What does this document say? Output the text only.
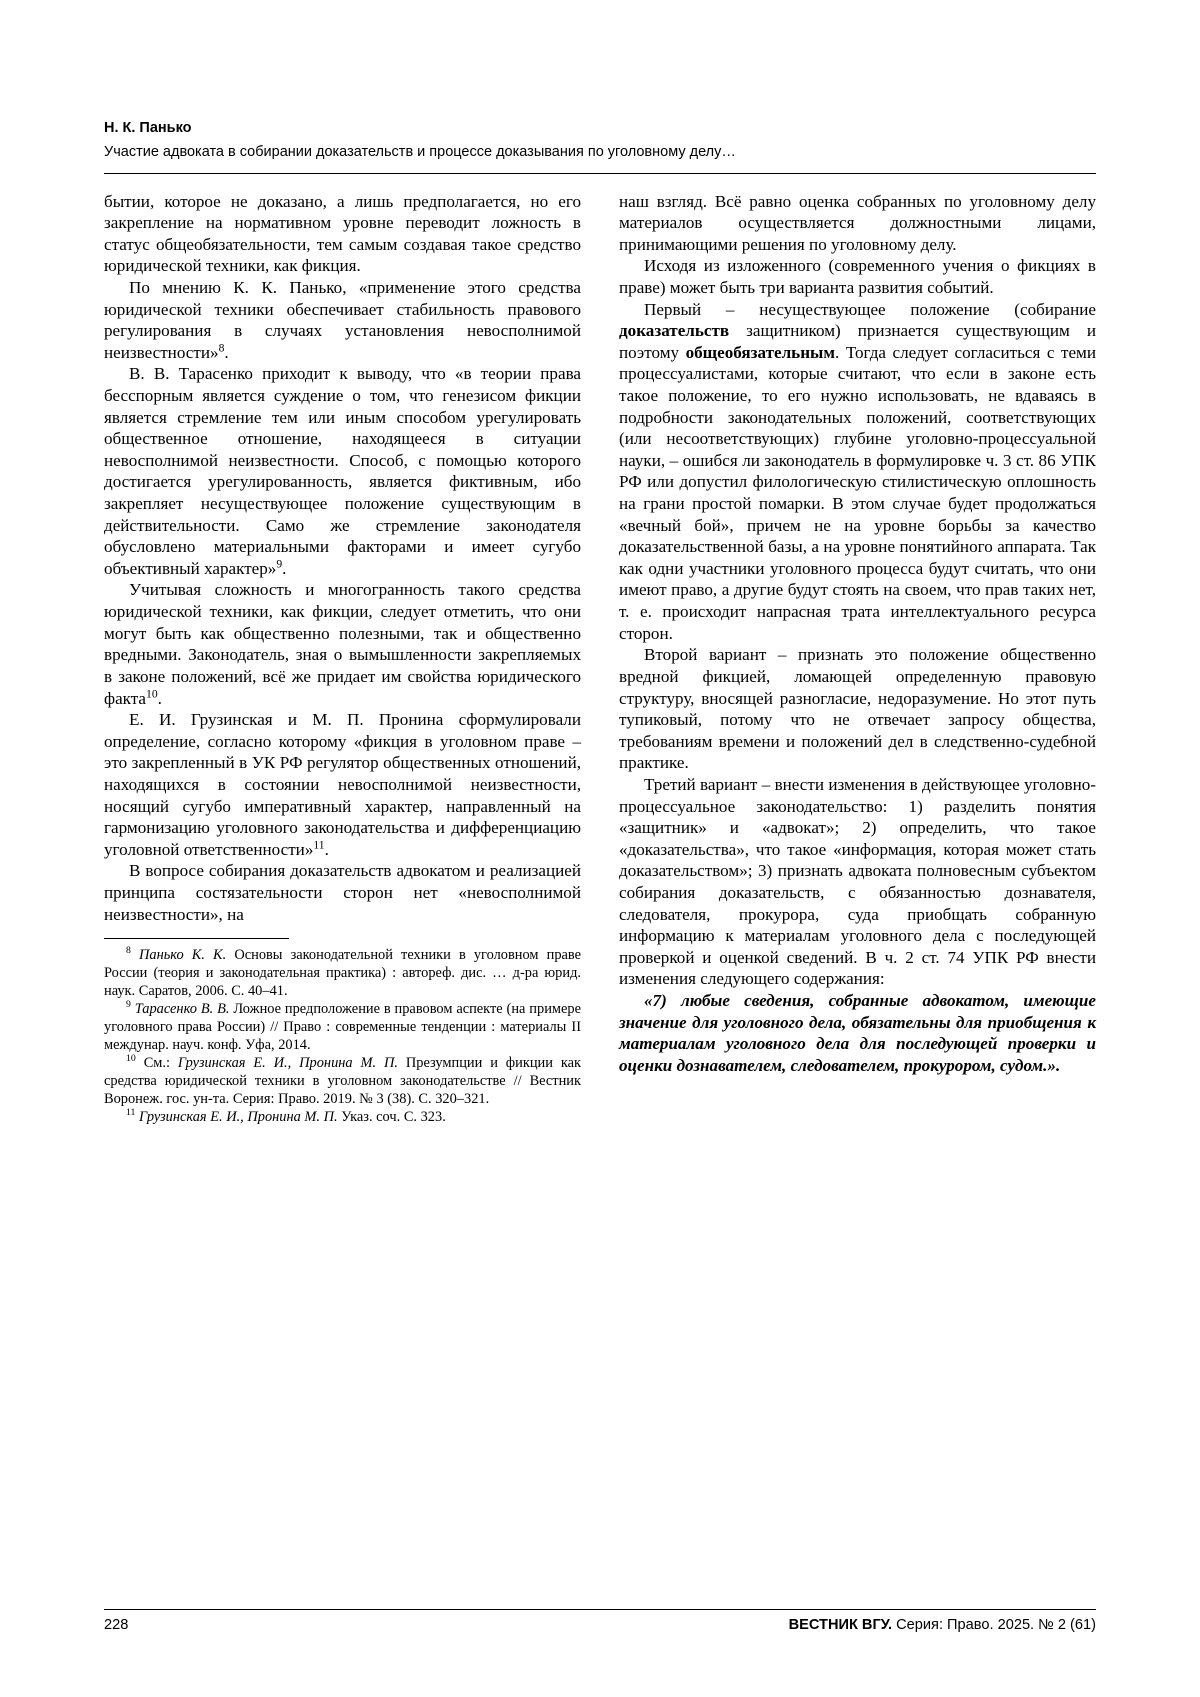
Н. К. Панько
Участие адвоката в собирании доказательств и процессе доказывания по уголовному делу…

бытии, которое не доказано, а лишь предполагается, но его закрепление на нормативном уровне переводит ложность в статус общеобязательности, тем самым создавая такое средство юридической техники, как фикция.

По мнению К. К. Панько, «применение этого средства юридической техники обеспечивает стабильность правового регулирования в случаях установления невосполнимой неизвестности»$^8$.

В. В. Тарасенко приходит к выводу, что «в теории права бесспорным является суждение о том, что генезисом фикции является стремление тем или иным способом урегулировать общественное отношение, находящееся в ситуации невосполнимой неизвестности. Способ, с помощью которого достигается урегулированность, является фиктивным, ибо закрепляет несуществующее положение существующим в действительности. Само же стремление законодателя обусловлено материальными факторами и имеет сугубо объективный характер»$^9$.

Учитывая сложность и многогранность такого средства юридической техники, как фикции, следует отметить, что они могут быть как общественно полезными, так и общественно вредными. Законодатель, зная о вымышленности закрепляемых в законе положений, всё же придает им свойства юридического факта$^{10}$.

Е. И. Грузинская и М. П. Пронина сформулировали определение, согласно которому «фикция в уголовном праве – это закрепленный в УК РФ регулятор общественных отношений, находящихся в состоянии невосполнимой неизвестности, носящий сугубо императивный характер, направленный на гармонизацию уголовного законодательства и дифференциацию уголовной ответственности»$^{11}$.

В вопросе собирания доказательств адвокатом и реализацией принципа состязательности сторон нет «невосполнимой неизвестности», на

$^8$ Панько К. К. Основы законодательной техники в уголовном праве России (теория и законодательная практика) : автореф. дис. … д-ра юрид. наук. Саратов, 2006. С. 40–41.

$^9$ Тарасенко В. В. Ложное предположение в правовом аспекте (на примере уголовного права России) // Право : современные тенденции : материалы II междунар. науч. конф. Уфа, 2014.

$^{10}$ См.: Грузинская Е. И., Пронина М. П. Презумпции и фикции как средства юридической техники в уголовном законодательстве // Вестник Воронеж. гос. ун-та. Серия: Право. 2019. № 3 (38). С. 320–321.

$^{11}$ Грузинская Е. И., Пронина М. П. Указ. соч. С. 323.

наш взгляд. Всё равно оценка собранных по уголовному делу материалов осуществляется должностными лицами, принимающими решения по уголовному делу.

Исходя из изложенного (современного учения о фикциях в праве) может быть три варианта развития событий.

Первый – несуществующее положение (собирание доказательств защитником) признается существующим и поэтому общеобязательным. Тогда следует согласиться с теми процессуалистами, которые считают, что если в законе есть такое положение, то его нужно использовать, не вдаваясь в подробности законодательных положений, соответствующих (или несоответствующих) глубине уголовно-процессуальной науки, – ошибся ли законодатель в формулировке ч. 3 ст. 86 УПК РФ или допустил филологическую стилистическую оплошность на грани простой помарки. В этом случае будет продолжаться «вечный бой», причем не на уровне борьбы за качество доказательственной базы, а на уровне понятийного аппарата. Так как одни участники уголовного процесса будут считать, что они имеют право, а другие будут стоять на своем, что прав таких нет, т. е. происходит напрасная трата интеллектуального ресурса сторон.

Второй вариант – признать это положение общественно вредной фикцией, ломающей определенную правовую структуру, вносящей разногласие, недоразумение. Но этот путь тупиковый, потому что не отвечает запросу общества, требованиям времени и положений дел в следственно-судебной практике.

Третий вариант – внести изменения в действующее уголовно-процессуальное законодательство: 1) разделить понятия «защитник» и «адвокат»; 2) определить, что такое «доказательства», что такое «информация, которая может стать доказательством»; 3) признать адвоката полновесным субъектом собирания доказательств, с обязанностью дознавателя, следователя, прокурора, суда приобщать собранную информацию к материалам уголовного дела с последующей проверкой и оценкой сведений. В ч. 2 ст. 74 УПК РФ внести изменения следующего содержания:

«7) любые сведения, собранные адвокатом, имеющие значение для уголовного дела, обязательны для приобщения к материалам уголовного дела для последующей проверки и оценки дознавателем, следователем, прокурором, судом.».

228	ВЕСТНИК ВГУ. Серия: Право. 2025. № 2 (61)
